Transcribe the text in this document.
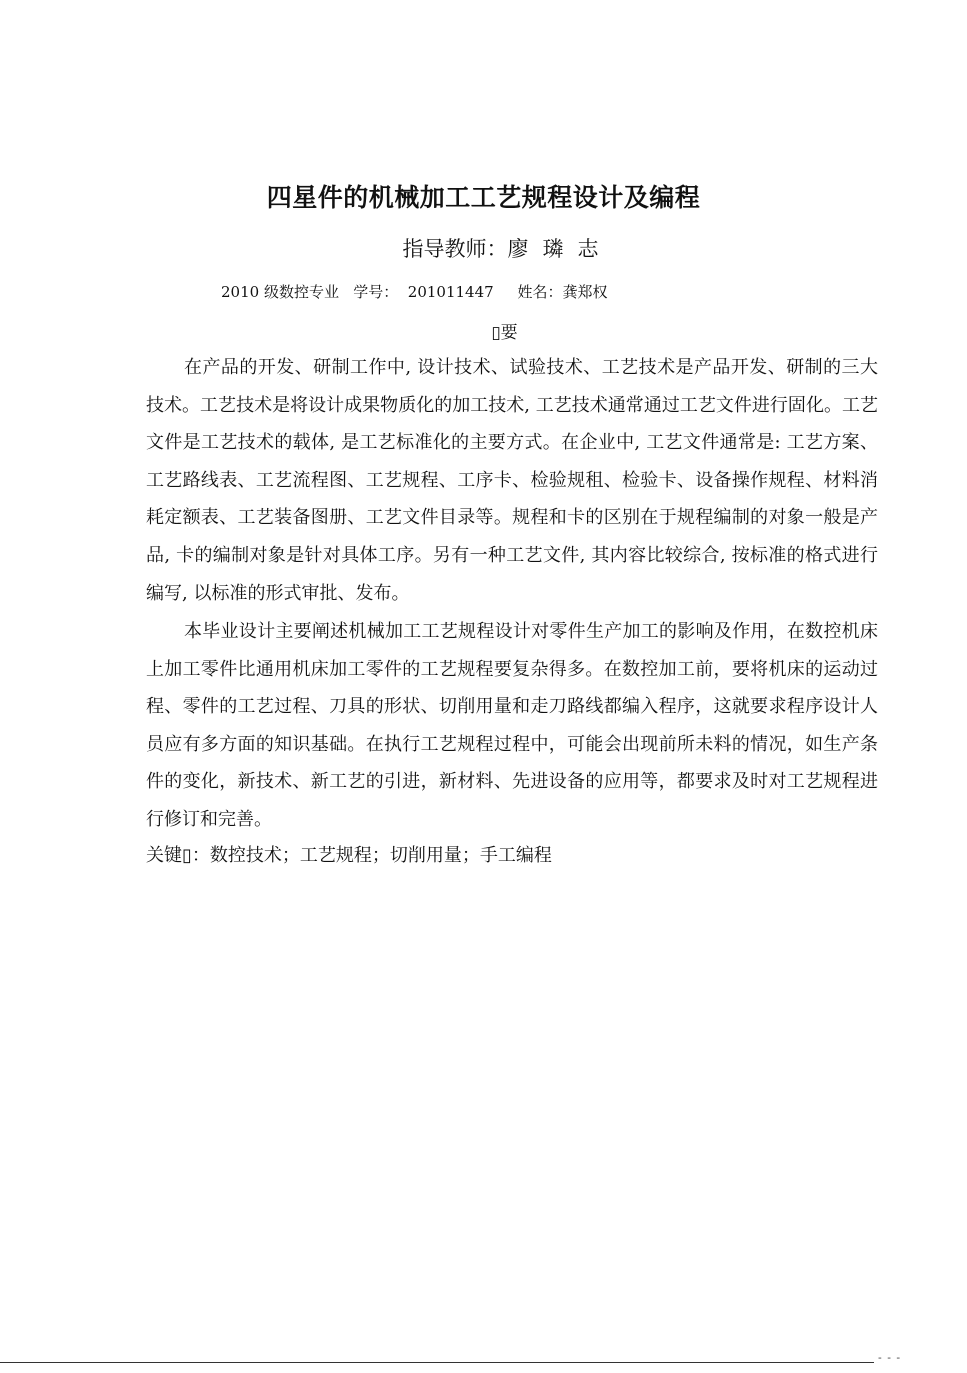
四星件的机械加工工艺规程设计及编程
指导教师：廖璘志
2010 级数控专业   学号：  201011447     姓名：龚郑权
▯要

在产品的开发、研制工作中, 设计技术、试验技术、工艺技术是产品开发、研制的三大技术。工艺技术是将设计成果物质化的加工技术, 工艺技术通常通过工艺文件进行固化。工艺文件是工艺技术的载体, 是工艺标准化的主要方式。在企业中, 工艺文件通常是: 工艺方案、工艺路线表、工艺流程图、工艺规程、工序卡、检验规租、检验卡、设备操作规程、材料消耗定额表、工艺装备图册、工艺文件目录等。规程和卡的区别在于规程编制的对象一般是产品, 卡的编制对象是针对具体工序。另有一种工艺文件, 其内容比较综合, 按标准的格式进行编写, 以标准的形式审批、发布。

本毕业设计主要阐述机械加工工艺规程设计对零件生产加工的影响及作用，在数控机床上加工零件比通用机床加工零件的工艺规程要复杂得多。在数控加工前，要将机床的运动过程、零件的工艺过程、刀具的形状、切削用量和走刀路线都编入程序，这就要求程序设计人员应有多方面的知识基础。在执行工艺规程过程中，可能会出现前所未料的情况，如生产条件的变化，新技术、新工艺的引进，新材料、先进设备的应用等，都要求及时对工艺规程进行修订和完善。

关键▯：数控技术；工艺规程；切削用量；手工编程
- - -
